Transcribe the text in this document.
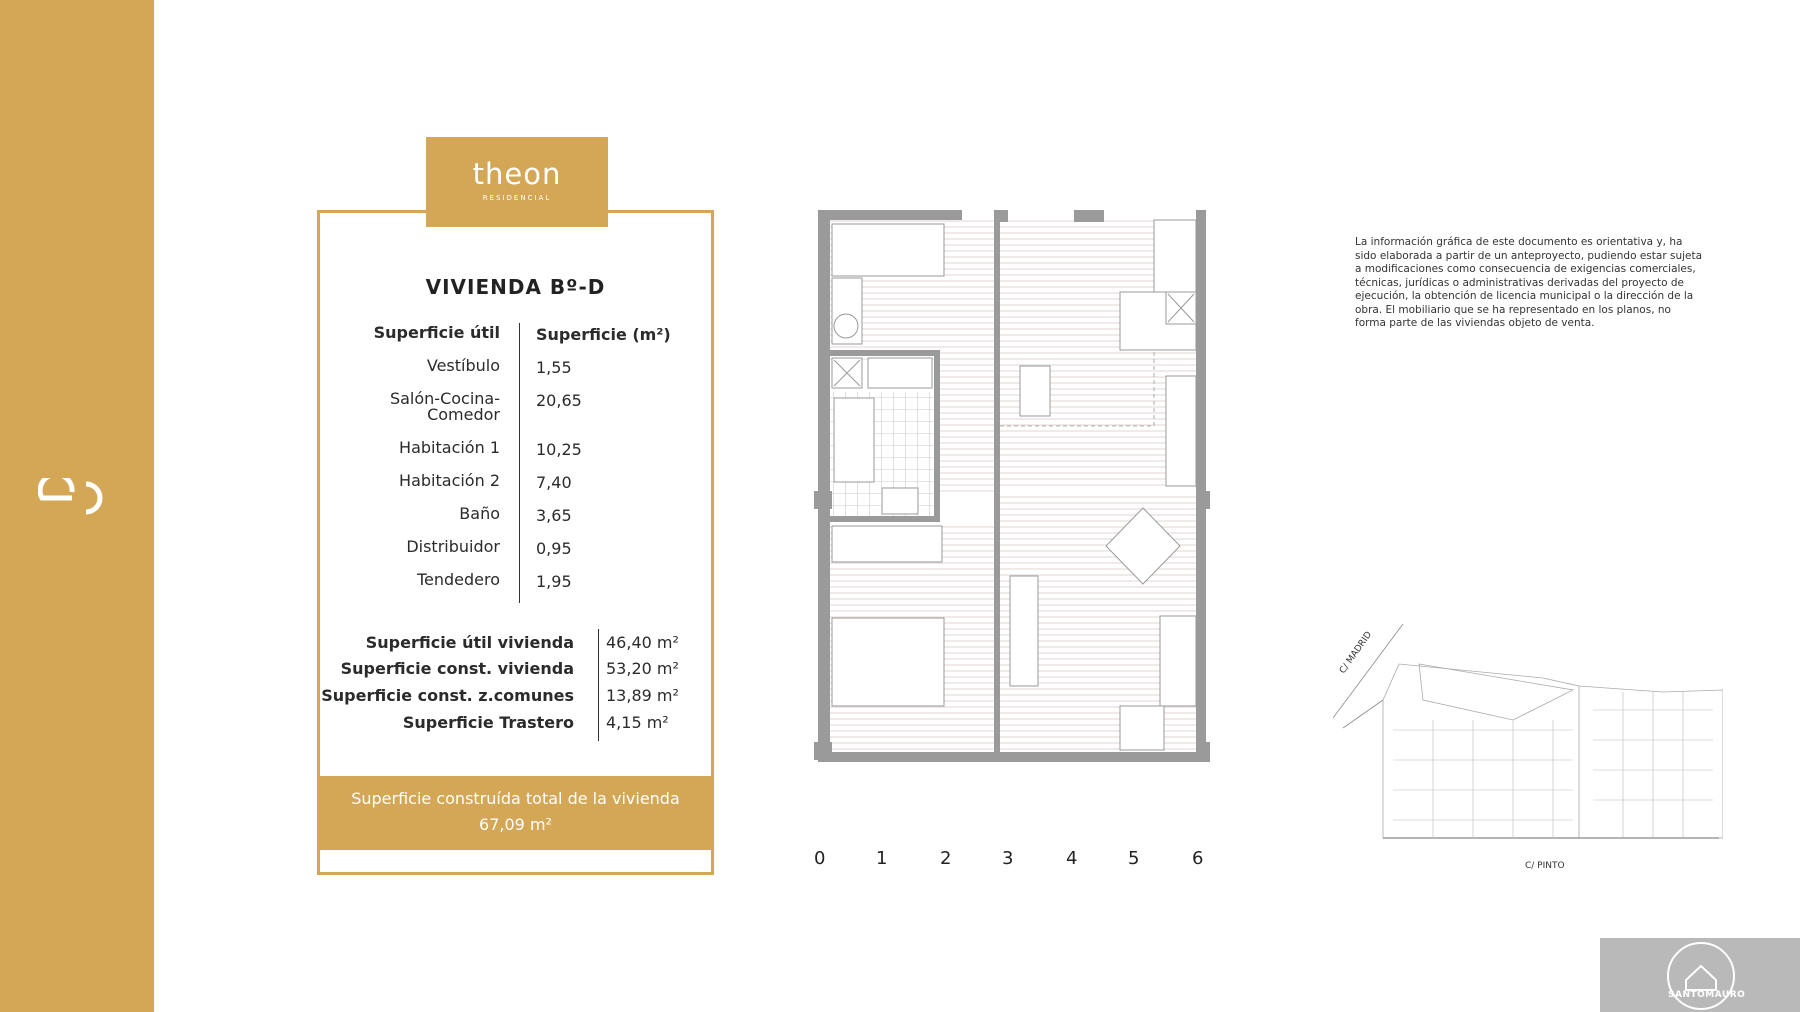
theon
RESIDENCIAL
VIVIENDA Bº-D
Superficie útil Superficie (m²)
Vestíbulo 1,55
Salón-Cocina-Comedor
20,65
Habitación 1 10,25
Habitación 2 7,40
Baño 3,65
Distribuidor 0,95
Tendedero 1,95
Superficie útil vivienda 46,40 m²
Superficie const. vivienda 53,20 m²
Superficie const. z.comunes 13,89 m²
Superficie Trastero 4,15 m²
Superficie construída total de la vivienda
67,09 m²
0	1	2	3	4	5	6
La información gráfica de este documento es orientativa y, ha sido elaborada a partir de un anteproyecto, pudiendo estar sujeta a modificaciones como consecuencia de exigencias comerciales, técnicas, jurídicas o administrativas derivadas del proyecto de ejecución, la obtención de licencia municipal o la dirección de la obra. El mobiliario que se ha representado en los planos, no forma parte de las viviendas objeto de venta.
C/ MADRID
C/ PINTO
SANTOMAURO
